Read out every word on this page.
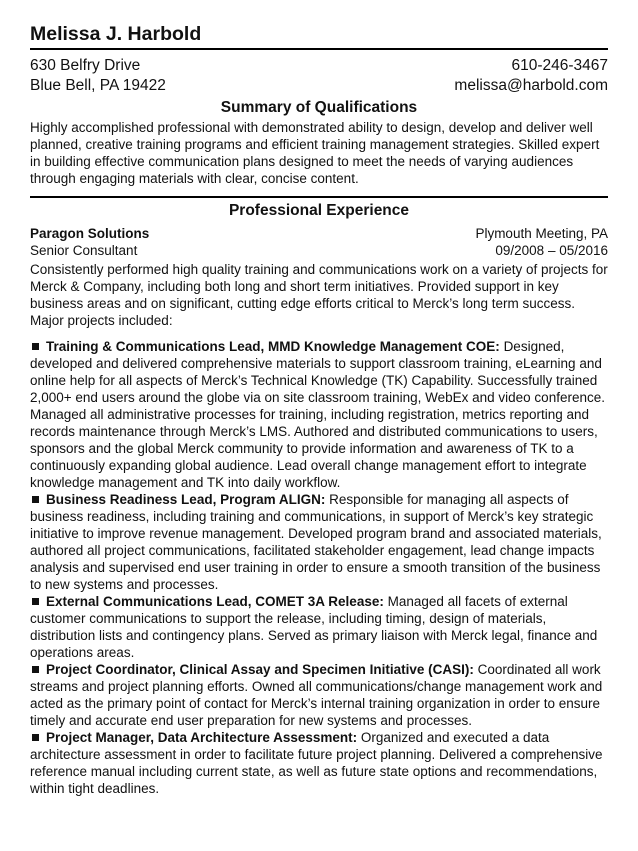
Melissa J. Harbold
630 Belfry Drive
Blue Bell, PA 19422
610-246-3467
melissa@harbold.com
Summary of Qualifications

Highly accomplished professional with demonstrated ability to design, develop and deliver well planned, creative training programs and efficient training management strategies. Skilled expert in building effective communication plans designed to meet the needs of varying audiences through engaging materials with clear, concise content.

Professional Experience
Paragon Solutions	Plymouth Meeting, PA
Senior Consultant	09/2008 – 05/2016

Consistently performed high quality training and communications work on a variety of projects for Merck & Company, including both long and short term initiatives. Provided support in key business areas and on significant, cutting edge efforts critical to Merck’s long term success. Major projects included:

Training & Communications Lead, MMD Knowledge Management COE: Designed, developed and delivered comprehensive materials to support classroom training, eLearning and online help for all aspects of Merck’s Technical Knowledge (TK) Capability. Successfully trained 2,000+ end users around the globe via on site classroom training, WebEx and video conference. Managed all administrative processes for training, including registration, metrics reporting and records maintenance through Merck’s LMS. Authored and distributed communications to users, sponsors and the global Merck community to provide information and awareness of TK to a continuously expanding global audience. Lead overall change management effort to integrate knowledge management and TK into daily workflow.
Business Readiness Lead, Program ALIGN: Responsible for managing all aspects of business readiness, including training and communications, in support of Merck’s key strategic initiative to improve revenue management. Developed program brand and associated materials, authored all project communications, facilitated stakeholder engagement, lead change impacts analysis and supervised end user training in order to ensure a smooth transition of the business to new systems and processes.
External Communications Lead, COMET 3A Release: Managed all facets of external customer communications to support the release, including timing, design of materials, distribution lists and contingency plans. Served as primary liaison with Merck legal, finance and operations areas.
Project Coordinator, Clinical Assay and Specimen Initiative (CASI): Coordinated all work streams and project planning efforts. Owned all communications/change management work and acted as the primary point of contact for Merck’s internal training organization in order to ensure timely and accurate end user preparation for new systems and processes.
Project Manager, Data Architecture Assessment: Organized and executed a data architecture assessment in order to facilitate future project planning. Delivered a comprehensive reference manual including current state, as well as future state options and recommendations, within tight deadlines.
